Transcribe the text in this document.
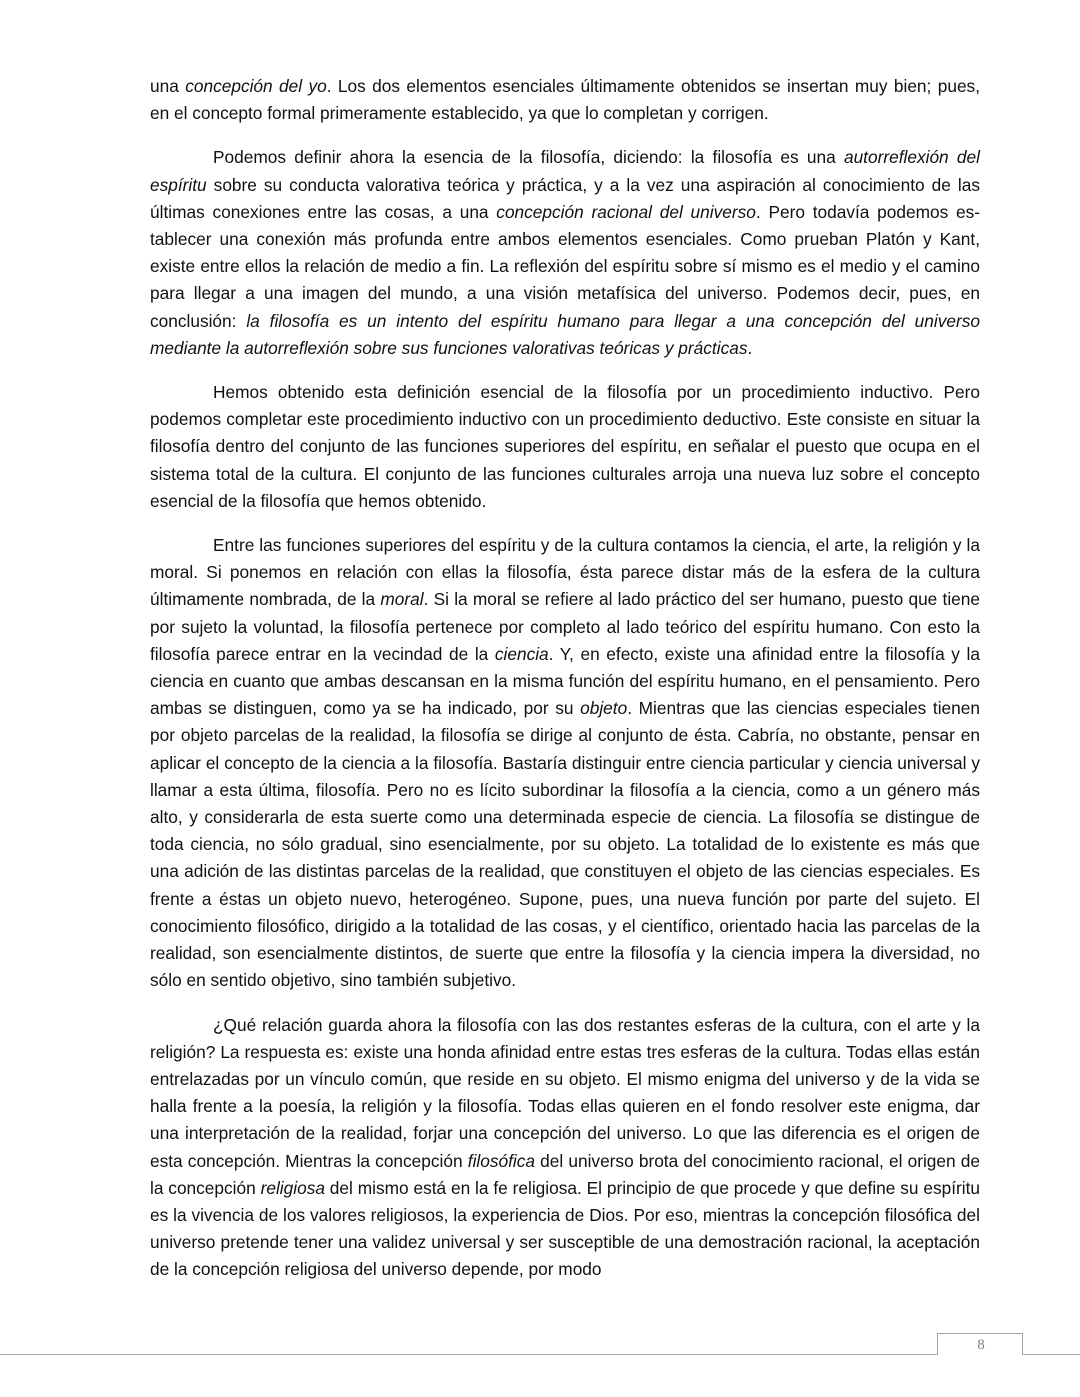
una concepción del yo. Los dos elementos esenciales últimamente obtenidos se insertan muy bien; pues, en el concepto formal primeramente establecido, ya que lo completan y corrigen.

Podemos definir ahora la esencia de la filosofía, diciendo: la filosofía es una autorreflexión del espíritu sobre su conducta valorativa teórica y práctica, y a la vez una aspiración al conocimiento de las últimas conexiones entre las cosas, a una concepción racional del universo. Pero todavía podemos establecer una conexión más profunda entre ambos elementos esenciales. Como prueban Platón y Kant, existe entre ellos la relación de medio a fin. La reflexión del espíritu sobre sí mismo es el medio y el camino para llegar a una imagen del mundo, a una visión metafísica del universo. Podemos decir, pues, en conclusión: la filosofía es un intento del espíritu humano para llegar a una concepción del universo mediante la autorreflexión sobre sus funciones valorativas teóricas y prácticas.

Hemos obtenido esta definición esencial de la filosofía por un procedimiento inductivo. Pero podemos completar este procedimiento inductivo con un procedimiento deductivo. Este consiste en situar la filosofía dentro del conjunto de las funciones superiores del espíritu, en señalar el puesto que ocupa en el sistema total de la cultura. El conjunto de las funciones culturales arroja una nueva luz sobre el concepto esencial de la filosofía que hemos obtenido.

Entre las funciones superiores del espíritu y de la cultura contamos la ciencia, el arte, la religión y la moral. Si ponemos en relación con ellas la filosofía, ésta parece distar más de la esfera de la cultura últimamente nombrada, de la moral. Si la moral se refiere al lado práctico del ser humano, puesto que tiene por sujeto la voluntad, la filosofía pertenece por completo al lado teórico del espíritu humano. Con esto la filosofía parece entrar en la vecindad de la ciencia. Y, en efecto, existe una afinidad entre la filosofía y la ciencia en cuanto que ambas descansan en la misma función del espíritu humano, en el pensamiento. Pero ambas se distinguen, como ya se ha indicado, por su objeto. Mientras que las ciencias especiales tienen por objeto parcelas de la realidad, la filosofía se dirige al conjunto de ésta. Cabría, no obstante, pensar en aplicar el concepto de la ciencia a la filosofía. Bastaría distinguir entre ciencia particular y ciencia universal y llamar a esta última, filosofía. Pero no es lícito subordinar la filosofía a la ciencia, como a un género más alto, y considerarla de esta suerte como una determinada especie de ciencia. La filosofía se distingue de toda ciencia, no sólo gradual, sino esencialmente, por su objeto. La totalidad de lo existente es más que una adición de las distintas parcelas de la realidad, que constituyen el objeto de las ciencias especiales. Es frente a éstas un objeto nuevo, heterogéneo. Supone, pues, una nueva función por parte del sujeto. El conocimiento filosófico, dirigido a la totalidad de las cosas, y el científico, orientado hacia las parcelas de la realidad, son esencialmente distintos, de suerte que entre la filosofía y la ciencia impera la diversidad, no sólo en sentido objetivo, sino también subjetivo.

¿Qué relación guarda ahora la filosofía con las dos restantes esferas de la cultura, con el arte y la religión? La respuesta es: existe una honda afinidad entre estas tres esferas de la cultura. Todas ellas están entrelazadas por un vínculo común, que reside en su objeto. El mismo enigma del universo y de la vida se halla frente a la poesía, la religión y la filosofía. Todas ellas quieren en el fondo resolver este enigma, dar una interpretación de la realidad, forjar una concepción del universo. Lo que las diferencia es el origen de esta concepción. Mientras la concepción filosófica del universo brota del conocimiento racional, el origen de la concepción religiosa del mismo está en la fe religiosa. El principio de que procede y que define su espíritu es la vivencia de los valores religiosos, la experiencia de Dios. Por eso, mientras la concepción filosófica del universo pretende tener una validez universal y ser susceptible de una demostración racional, la aceptación de la concepción religiosa del universo depende, por modo

8
